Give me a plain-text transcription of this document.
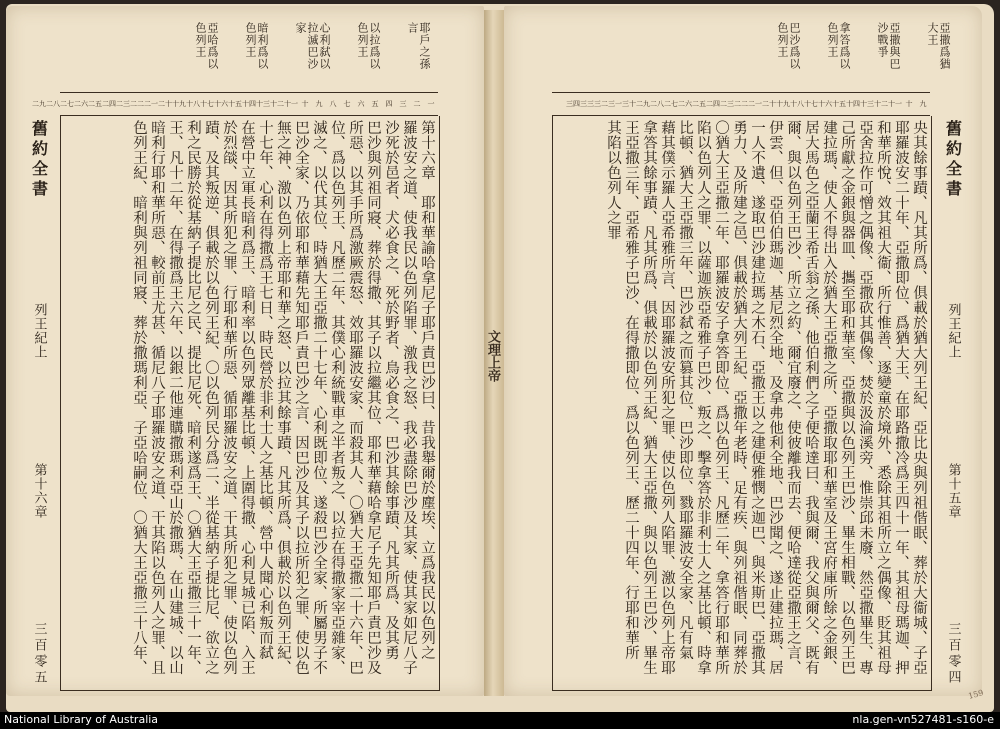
耶戶之孫言
以拉爲以色列王
心利弑以拉滅巴沙家
暗利爲以色列王
亞哈爲以色列王
一
二
三
四
五
六
七
八
九
十
十一
十二
十三
十四
十五
十六
十七
十八
十九
二十
二一
二二
二三
二四
二五
二六
二七
二八
二九
第十六章　耶和華諭哈拿尼子耶戶責巴沙曰、昔我舉爾於塵埃、立爲我民以色列之
羅波安之道、使我民以色列陷罪、激我之怒、我必盡除巴沙及其家、使其家如尼八子
沙死於邑者、犬必食之、死於野者、鳥必食之、巴沙其餘事蹟、凡其所爲、及其勇
巴沙與列祖同寢、葬於得撒、其子以拉繼其位、耶和華藉哈拿尼子先知耶戶責巴沙及
所惡、以其手所爲激厥震怒、效耶羅波安家、而殺其人、〇猶大王亞撒二十六年、巴
位、爲以色列王、凡歷二年、其僕心利統戰車之半者叛之、以拉在得撒家宰亞雜家、
滅之、以代其位、時猶大王亞撒二十七年、心利既即位、遂殺巴沙全家、所屬男子不
巴沙全家、乃依耶和華藉先知耶戶責巴沙之言、因巴沙及其子以拉所犯之罪、使以色
無之神、激以色列上帝耶和華之怒、以拉其餘事蹟、凡其所爲、俱載於以色列王紀、
十七年、心利在得撒爲王七日、時民營於非利士人之基比頓、營中人聞心利叛而弑
在營中立軍長暗利爲王、暗利率以色列眾離基比頓、上圍得撒、心利見城已陷、入王
於烈燄、因其所犯之罪、行耶和華所惡、循耶羅波安之道、干其所犯之罪、使以色列
蹟、及其叛逆、俱載於以色列王紀、〇以色列民分爲二、半從基納子提比尼、欲立之
利之民勝於從基納子提比尼之民、提比尼死、暗利遂爲王、〇猶大王亞撒三十一年、
王、凡十二年、在得撒爲王六年、以銀二他連購撒瑪利亞山於撒瑪、在山建城、以山
暗利行耶和華所惡、較前王尤甚、循尼八子耶羅波安之道、干其陷以色列人之罪、且
色列王紀、暗利與列祖同寢、葬於撒瑪利亞、子亞哈嗣位、〇猶大王亞撒三十八年、
舊約全書
列王紀上
第十六章
三百零五
文理上帝
亞撒爲猶大王
亞撒與巴沙戰爭
拿答爲以色列王
巴沙爲以色列王
九
十
十一
十二
十三
十四
十五
十六
十七
十八
十九
二十
二一
二二
二三
二四
二五
二六
二七
二八
二九
三十
三一
三二
三三
三四
央其餘事蹟、凡其所爲、俱載於猶大列王紀、亞比央與列祖偕眠、葬於大衞城、子亞
耶羅波安二十年、亞撒即位、爲猶大王、在耶路撒冷爲王四十一年、其祖母瑪迦、押
和華所悅、效其祖大衞、所行惟善、逐變童於境外、悉除其祖所立之偶像、貶其祖母
亞舍拉作可憎之偶像、亞撒砍其偶像、焚於汲淪溪旁、惟崇邱未廢、然亞撒畢生、專
己所獻之金銀與器皿、攜至耶和華室、亞撒與以色列王巴沙、畢生相戰、以色列王巴
建拉瑪、使人不得出入於猶大王亞撒之所、亞撒取耶和華室及王宮府庫所餘之金銀、
居大馬色之亞蘭王希舌翁之孫、他伯利們之子便哈達曰、我與爾、我父與爾父、既有
爾、與以色列王巴沙、所立之約、爾宜廢之、使彼離我而去、便哈達從亞撒王之言、
伊雲、但、亞伯伯瑪迦、基尼烈全地、及拿弗他利全地、巴沙聞之、遂止建拉瑪、居
一人不遺、遂取巴沙建拉瑪之木石、亞撒王以之建便雅憫之迦巴、與米斯巴、亞撒其
勇力、及所建之邑、俱載於猶大列王紀、亞撒年老時、足有疾、與列祖偕眠、同葬於
〇猶大王亞撒二年、耶羅波安子拿答即位、爲以色列王、凡歷二年、拿答行耶和華所
陷以色列人之罪、以薩迦族亞希雅子巴沙、叛之、擊拿答於非利士人之基比頓、時拿
比頓、猶大王亞撒三年、巴沙弑之而篡其位、巴沙即位、戮耶羅波安全家、凡有氣
藉其僕示羅人亞希雅所言、因耶羅波安所犯之罪、使以色列人陷罪、激以色列上帝耶
拿答其餘事蹟、凡其所爲、俱載於以色列王紀、猶大王亞撒、與以色列王巴沙、畢生
王亞撒三年、亞希雅子巴沙、在得撒即位、爲以色列王、歷二十四年、行耶和華所
其陷以色列人之罪	舊約全書
列王紀上
第十五章
三百零四
159
National Library of Australia	nla.gen-vn527481-s160-e
